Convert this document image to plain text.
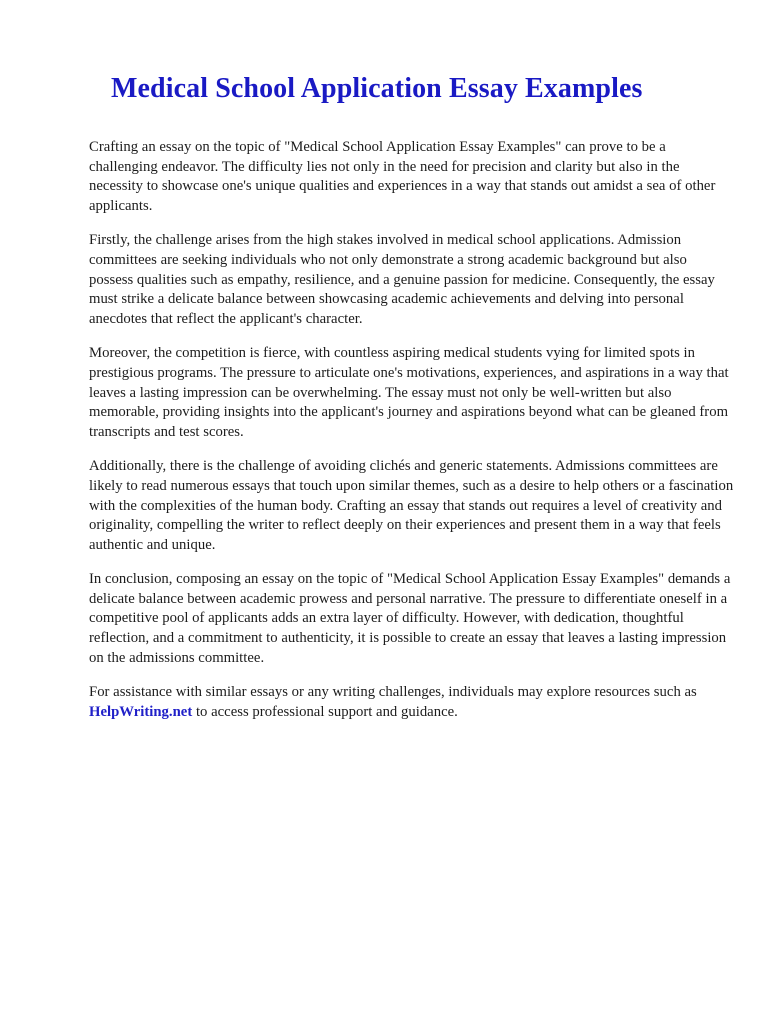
Medical School Application Essay Examples

Crafting an essay on the topic of "Medical School Application Essay Examples" can prove to be a challenging endeavor. The difficulty lies not only in the need for precision and clarity but also in the necessity to showcase one's unique qualities and experiences in a way that stands out amidst a sea of other applicants.

Firstly, the challenge arises from the high stakes involved in medical school applications. Admission committees are seeking individuals who not only demonstrate a strong academic background but also possess qualities such as empathy, resilience, and a genuine passion for medicine. Consequently, the essay must strike a delicate balance between showcasing academic achievements and delving into personal anecdotes that reflect the applicant's character.

Moreover, the competition is fierce, with countless aspiring medical students vying for limited spots in prestigious programs. The pressure to articulate one's motivations, experiences, and aspirations in a way that leaves a lasting impression can be overwhelming. The essay must not only be well-written but also memorable, providing insights into the applicant's journey and aspirations beyond what can be gleaned from transcripts and test scores.

Additionally, there is the challenge of avoiding clichés and generic statements. Admissions committees are likely to read numerous essays that touch upon similar themes, such as a desire to help others or a fascination with the complexities of the human body. Crafting an essay that stands out requires a level of creativity and originality, compelling the writer to reflect deeply on their experiences and present them in a way that feels authentic and unique.

In conclusion, composing an essay on the topic of "Medical School Application Essay Examples" demands a delicate balance between academic prowess and personal narrative. The pressure to differentiate oneself in a competitive pool of applicants adds an extra layer of difficulty. However, with dedication, thoughtful reflection, and a commitment to authenticity, it is possible to create an essay that leaves a lasting impression on the admissions committee.

For assistance with similar essays or any writing challenges, individuals may explore resources such as HelpWriting.net to access professional support and guidance.
